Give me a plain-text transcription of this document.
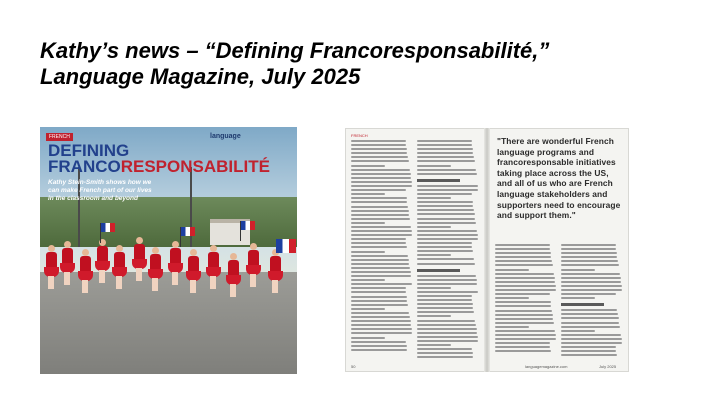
Kathy’s news – “Defining Francoresponsabilité,”
Language Magazine, July 2025
FRENCH	language
DEFINING
FRANCORESPONSABILITÉ
Kathy Stein-Smith shows how we can make French part of our lives in the classroom and beyond
FRENCH
"There are wonderful French language programs and francoresponsable initiatives taking place across the US, and all of us who are French language stakeholders and supporters need to encourage and support them."
50	languagemagazine.com	July 2025
